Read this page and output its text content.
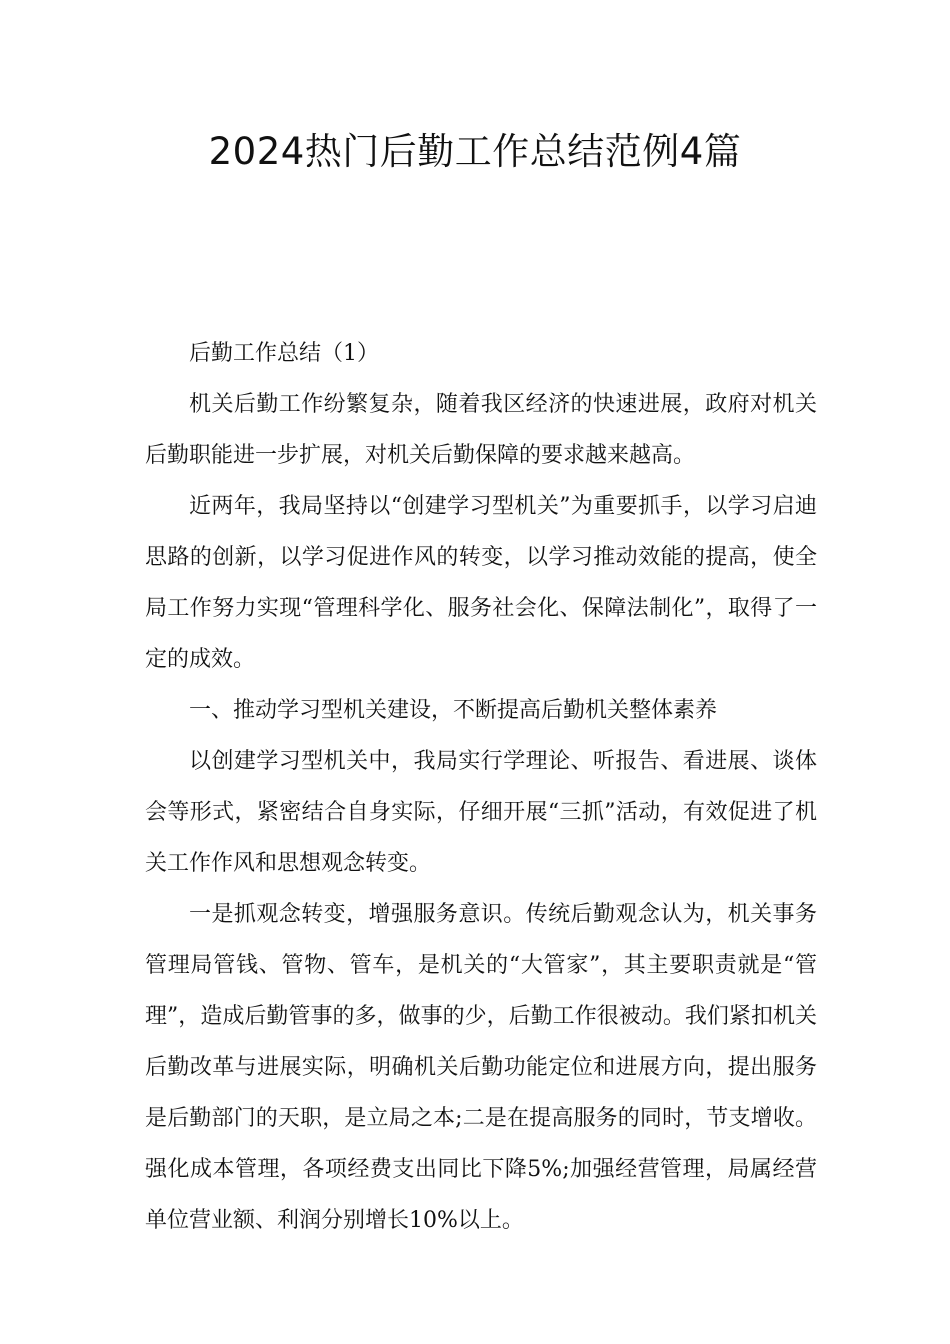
2024热门后勤工作总结范例4篇

后勤工作总结（1）

机关后勤工作纷繁复杂，随着我区经济的快速进展，政府对机关后勤职能进一步扩展，对机关后勤保障的要求越来越高。

近两年，我局坚持以“创建学习型机关”为重要抓手，以学习启迪思路的创新，以学习促进作风的转变，以学习推动效能的提高，使全局工作努力实现“管理科学化、服务社会化、保障法制化”，取得了一定的成效。

一、推动学习型机关建设，不断提高后勤机关整体素养

以创建学习型机关中，我局实行学理论、听报告、看进展、谈体会等形式，紧密结合自身实际，仔细开展“三抓”活动，有效促进了机关工作作风和思想观念转变。

一是抓观念转变，增强服务意识。传统后勤观念认为，机关事务管理局管钱、管物、管车，是机关的“大管家”，其主要职责就是“管理”，造成后勤管事的多，做事的少，后勤工作很被动。我们紧扣机关后勤改革与进展实际，明确机关后勤功能定位和进展方向，提出服务是后勤部门的天职，是立局之本;二是在提高服务的同时，节支增收。强化成本管理，各项经费支出同比下降5%;加强经营管理，局属经营单位营业额、利润分别增长10%以上。
